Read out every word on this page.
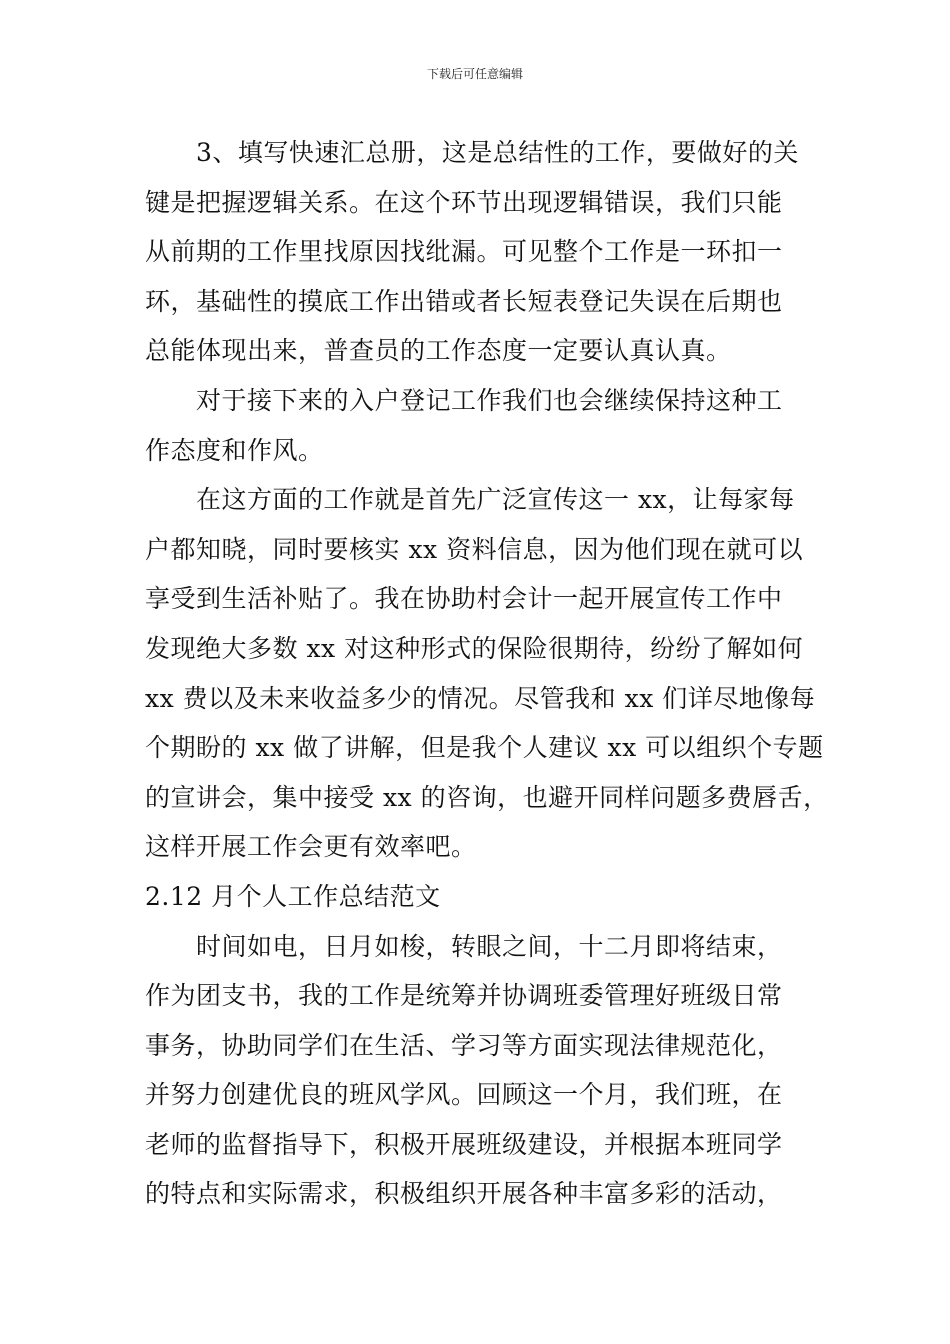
下载后可任意编辑
3、填写快速汇总册，这是总结性的工作，要做好的关
键是把握逻辑关系。在这个环节出现逻辑错误，我们只能
从前期的工作里找原因找纰漏。可见整个工作是一环扣一
环，基础性的摸底工作出错或者长短表登记失误在后期也
总能体现出来，普查员的工作态度一定要认真认真。
对于接下来的入户登记工作我们也会继续保持这种工
作态度和作风。
在这方面的工作就是首先广泛宣传这一 xx，让每家每
户都知晓，同时要核实 xx 资料信息，因为他们现在就可以
享受到生活补贴了。我在协助村会计一起开展宣传工作中
发现绝大多数 xx 对这种形式的保险很期待，纷纷了解如何
xx 费以及未来收益多少的情况。尽管我和 xx 们详尽地像每
个期盼的 xx 做了讲解，但是我个人建议 xx 可以组织个专题
的宣讲会，集中接受 xx 的咨询，也避开同样问题多费唇舌，
这样开展工作会更有效率吧。
2.12 月个人工作总结范文
时间如电，日月如梭，转眼之间，十二月即将结束，
作为团支书，我的工作是统筹并协调班委管理好班级日常
事务，协助同学们在生活、学习等方面实现法律规范化，
并努力创建优良的班风学风。回顾这一个月，我们班，在
老师的监督指导下，积极开展班级建设，并根据本班同学
的特点和实际需求，积极组织开展各种丰富多彩的活动，
